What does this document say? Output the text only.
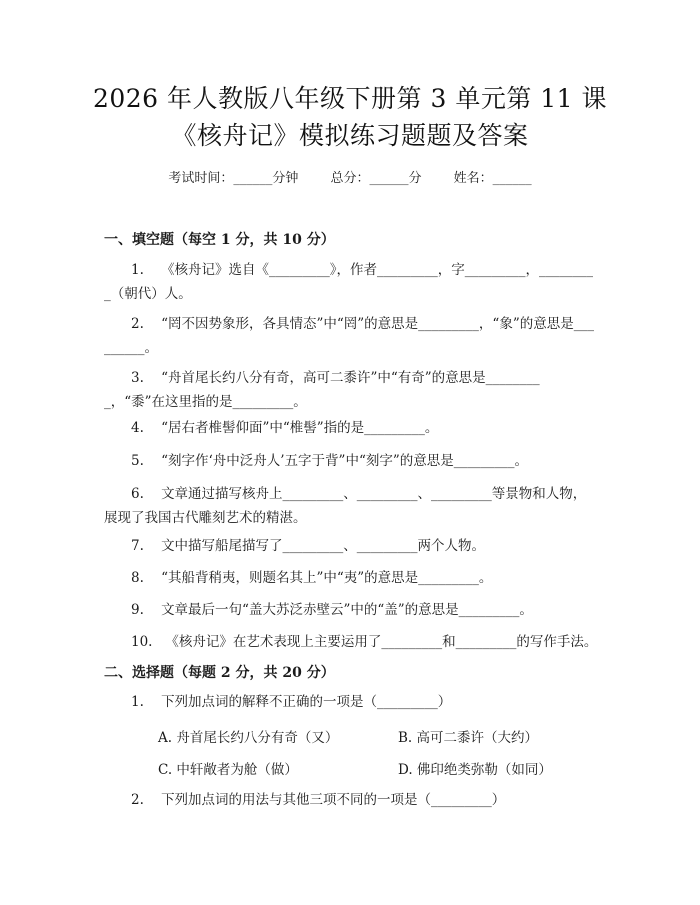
2026 年人教版八年级下册第 3 单元第 11 课
《核舟记》模拟练习题题及答案
考试时间：______分钟 总分：______分 姓名：______
一、填空题（每空 1 分，共 10 分）
1. 《核舟记》选自《_________》，作者_________，字_________，_________（朝代）人。
2. “罔不因势象形，各具情态”中“罔”的意思是_________，“象”的意思是_________。
3. “舟首尾长约八分有奇，高可二黍许”中“有奇”的意思是_________，“黍”在这里指的是_________。
4. “居右者椎髻仰面”中“椎髻”指的是_________。
5. “刻字作‘舟中泛舟人’五字于背”中“刻字”的意思是_________。
6. 文章通过描写核舟上_________、_________、_________等景物和人物，展现了我国古代雕刻艺术的精湛。
7. 文中描写船尾描写了_________、_________两个人物。
8. “其船背稍夷，则题名其上”中“夷”的意思是_________。
9. 文章最后一句“盖大苏泛赤壁云”中的“盖”的意思是_________。
10. 《核舟记》在艺术表现上主要运用了_________和_________的写作手法。
二、选择题（每题 2 分，共 20 分）
1. 下列加点词的解释不正确的一项是（_________）
A. 舟首尾长约八分有奇（又）	B. 高可二黍许（大约）
C. 中轩敞者为舱（做）	D. 佛印绝类弥勒（如同）
2. 下列加点词的用法与其他三项不同的一项是（_________）
